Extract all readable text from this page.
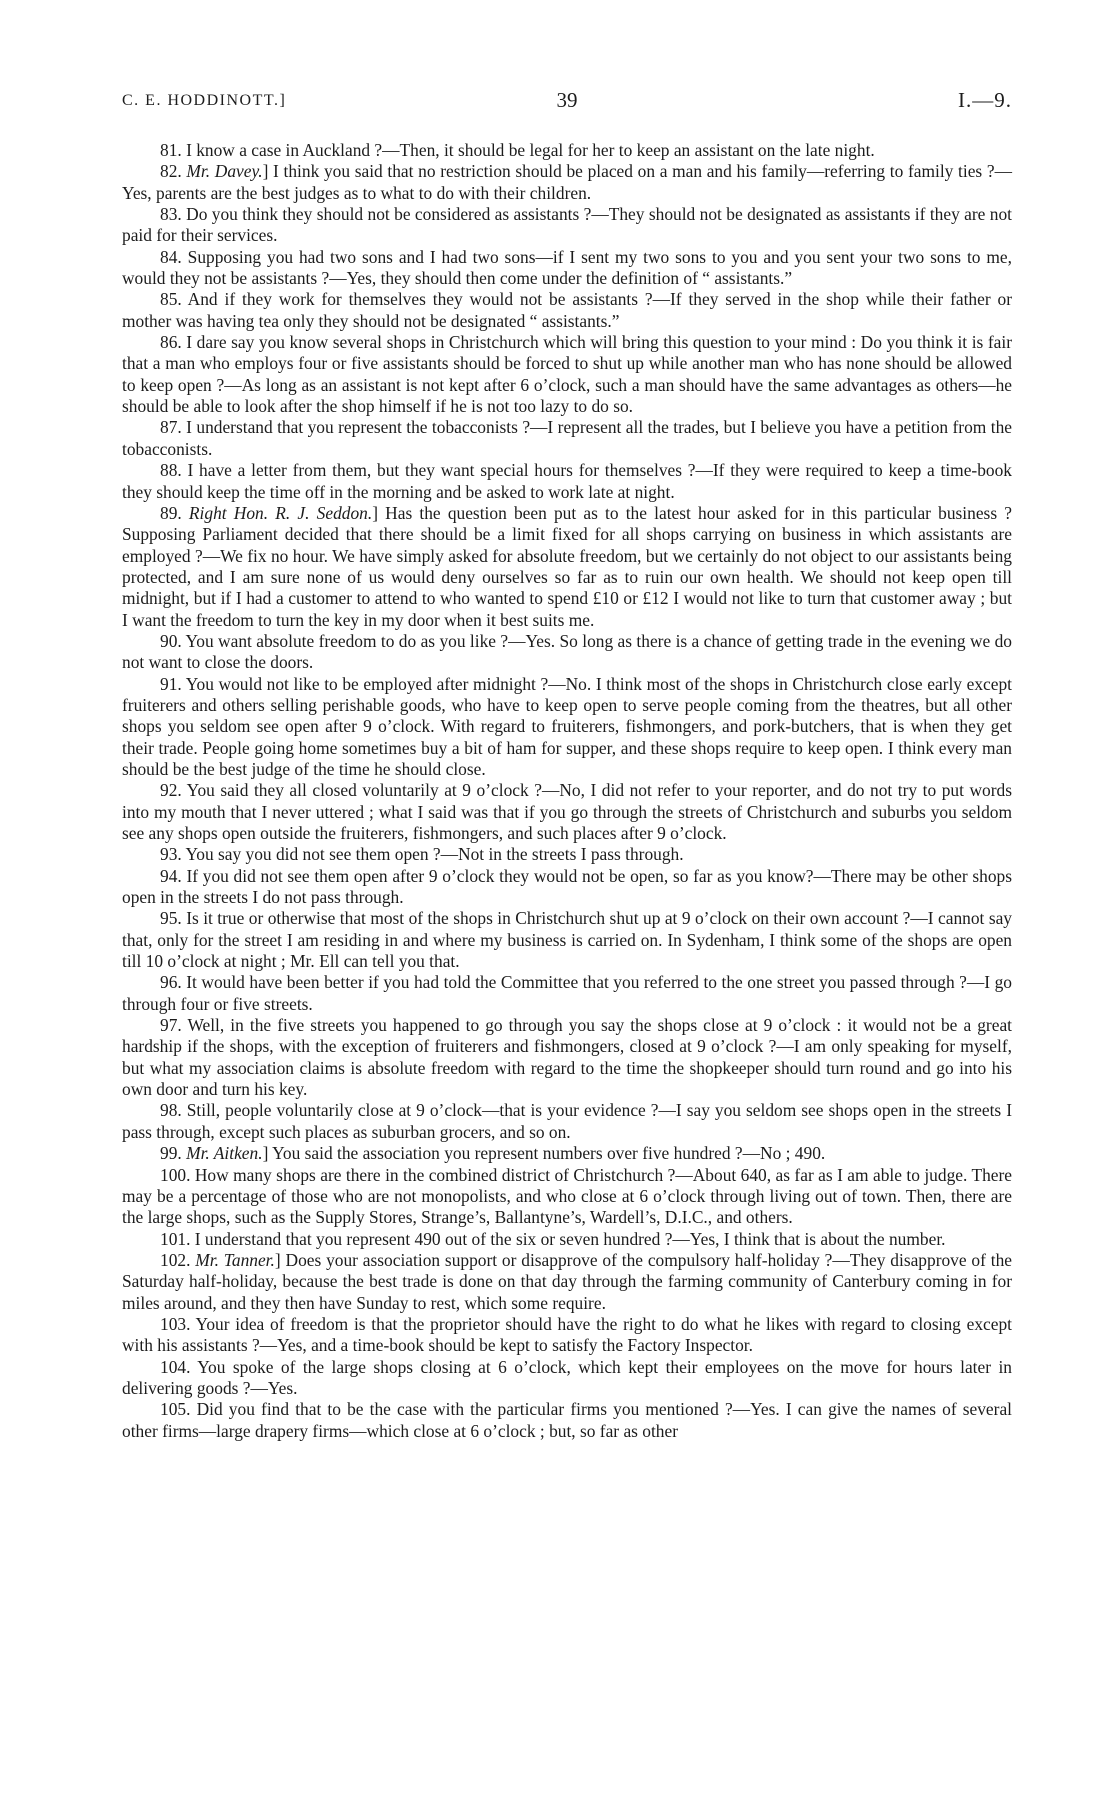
C. E. HODDINOTT.]	39	I.—9.

81. I know a case in Auckland ?—Then, it should be legal for her to keep an assistant on the late night.

82. Mr. Davey.] I think you said that no restriction should be placed on a man and his family—referring to family ties ?—Yes, parents are the best judges as to what to do with their children.

83. Do you think they should not be considered as assistants ?—They should not be designated as assistants if they are not paid for their services.

84. Supposing you had two sons and I had two sons—if I sent my two sons to you and you sent your two sons to me, would they not be assistants ?—Yes, they should then come under the definition of “ assistants.”

85. And if they work for themselves they would not be assistants ?—If they served in the shop while their father or mother was having tea only they should not be designated “ assistants.”

86. I dare say you know several shops in Christchurch which will bring this question to your mind : Do you think it is fair that a man who employs four or five assistants should be forced to shut up while another man who has none should be allowed to keep open ?—As long as an assistant is not kept after 6 o’clock, such a man should have the same advantages as others—he should be able to look after the shop himself if he is not too lazy to do so.

87. I understand that you represent the tobacconists ?—I represent all the trades, but I believe you have a petition from the tobacconists.

88. I have a letter from them, but they want special hours for themselves ?—If they were required to keep a time-book they should keep the time off in the morning and be asked to work late at night.

89. Right Hon. R. J. Seddon.] Has the question been put as to the latest hour asked for in this particular business ? Supposing Parliament decided that there should be a limit fixed for all shops carrying on business in which assistants are employed ?—We fix no hour. We have simply asked for absolute freedom, but we certainly do not object to our assistants being protected, and I am sure none of us would deny ourselves so far as to ruin our own health. We should not keep open till midnight, but if I had a customer to attend to who wanted to spend £10 or £12 I would not like to turn that customer away ; but I want the freedom to turn the key in my door when it best suits me.

90. You want absolute freedom to do as you like ?—Yes. So long as there is a chance of getting trade in the evening we do not want to close the doors.

91. You would not like to be employed after midnight ?—No. I think most of the shops in Christchurch close early except fruiterers and others selling perishable goods, who have to keep open to serve people coming from the theatres, but all other shops you seldom see open after 9 o’clock. With regard to fruiterers, fishmongers, and pork-butchers, that is when they get their trade. People going home sometimes buy a bit of ham for supper, and these shops require to keep open. I think every man should be the best judge of the time he should close.

92. You said they all closed voluntarily at 9 o’clock ?—No, I did not refer to your reporter, and do not try to put words into my mouth that I never uttered ; what I said was that if you go through the streets of Christchurch and suburbs you seldom see any shops open outside the fruiterers, fishmongers, and such places after 9 o’clock.

93. You say you did not see them open ?—Not in the streets I pass through.

94. If you did not see them open after 9 o’clock they would not be open, so far as you know?—There may be other shops open in the streets I do not pass through.

95. Is it true or otherwise that most of the shops in Christchurch shut up at 9 o’clock on their own account ?—I cannot say that, only for the street I am residing in and where my business is carried on. In Sydenham, I think some of the shops are open till 10 o’clock at night ; Mr. Ell can tell you that.

96. It would have been better if you had told the Committee that you referred to the one street you passed through ?—I go through four or five streets.

97. Well, in the five streets you happened to go through you say the shops close at 9 o’clock : it would not be a great hardship if the shops, with the exception of fruiterers and fishmongers, closed at 9 o’clock ?—I am only speaking for myself, but what my association claims is absolute freedom with regard to the time the shopkeeper should turn round and go into his own door and turn his key.

98. Still, people voluntarily close at 9 o’clock—that is your evidence ?—I say you seldom see shops open in the streets I pass through, except such places as suburban grocers, and so on.

99. Mr. Aitken.] You said the association you represent numbers over five hundred ?—No ; 490.

100. How many shops are there in the combined district of Christchurch ?—About 640, as far as I am able to judge. There may be a percentage of those who are not monopolists, and who close at 6 o’clock through living out of town. Then, there are the large shops, such as the Supply Stores, Strange’s, Ballantyne’s, Wardell’s, D.I.C., and others.

101. I understand that you represent 490 out of the six or seven hundred ?—Yes, I think that is about the number.

102. Mr. Tanner.] Does your association support or disapprove of the compulsory half-holiday ?—They disapprove of the Saturday half-holiday, because the best trade is done on that day through the farming community of Canterbury coming in for miles around, and they then have Sunday to rest, which some require.

103. Your idea of freedom is that the proprietor should have the right to do what he likes with regard to closing except with his assistants ?—Yes, and a time-book should be kept to satisfy the Factory Inspector.

104. You spoke of the large shops closing at 6 o’clock, which kept their employees on the move for hours later in delivering goods ?—Yes.

105. Did you find that to be the case with the particular firms you mentioned ?—Yes. I can give the names of several other firms—large drapery firms—which close at 6 o’clock ; but, so far as other
